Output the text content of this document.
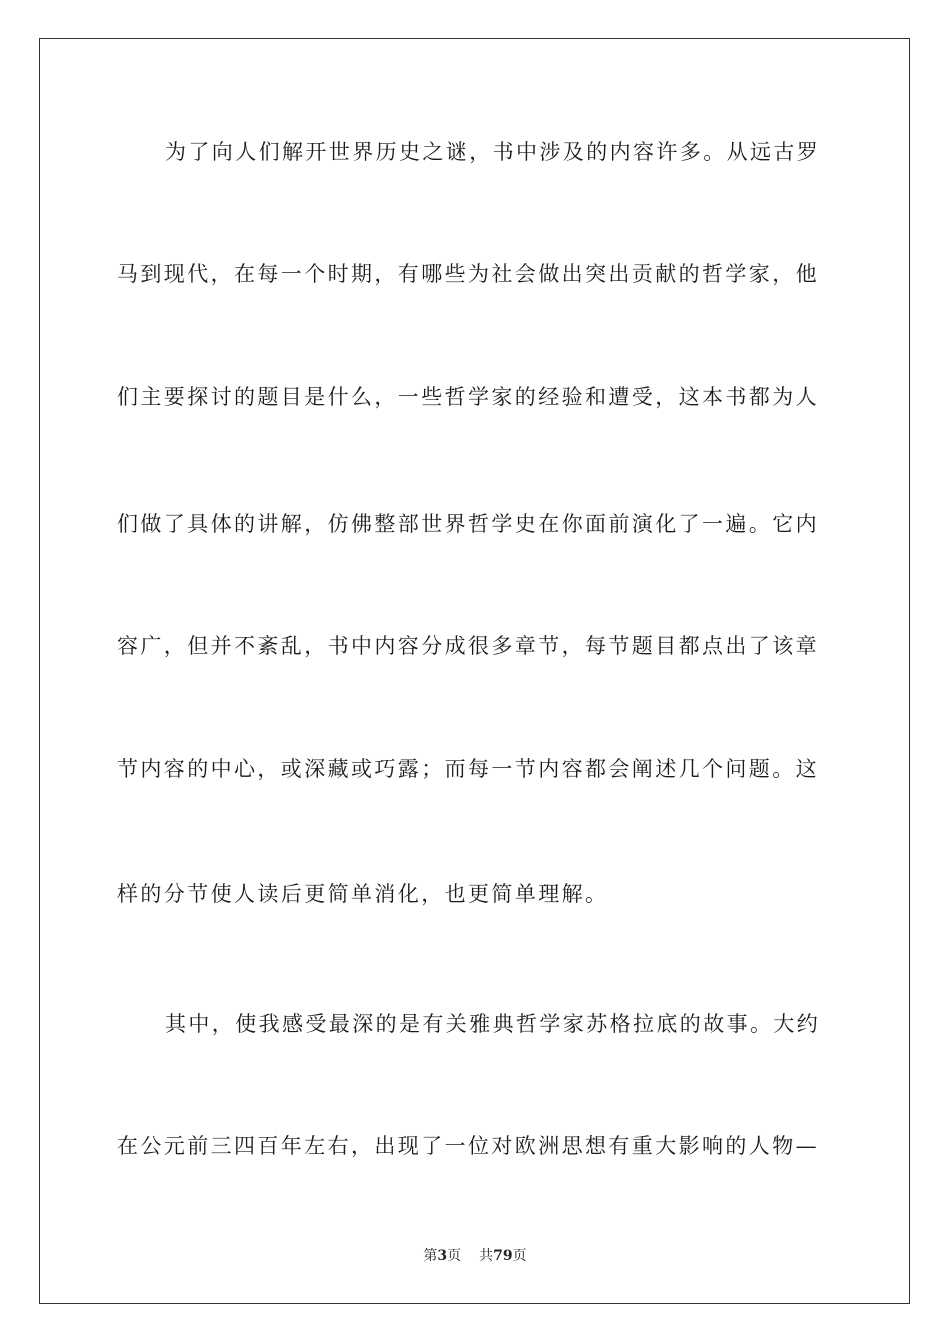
为了向人们解开世界历史之谜，书中涉及的内容许多。从远古罗
马到现代，在每一个时期，有哪些为社会做出突出贡献的哲学家，他
们主要探讨的题目是什么，一些哲学家的经验和遭受，这本书都为人
们做了具体的讲解，仿佛整部世界哲学史在你面前演化了一遍。它内
容广，但并不紊乱，书中内容分成很多章节，每节题目都点出了该章
节内容的中心，或深藏或巧露；而每一节内容都会阐述几个问题。这
样的分节使人读后更简单消化，也更简单理解。
其中，使我感受最深的是有关雅典哲学家苏格拉底的故事。大约
在公元前三四百年左右，出现了一位对欧洲思想有重大影响的人物—
第3页 共79页
